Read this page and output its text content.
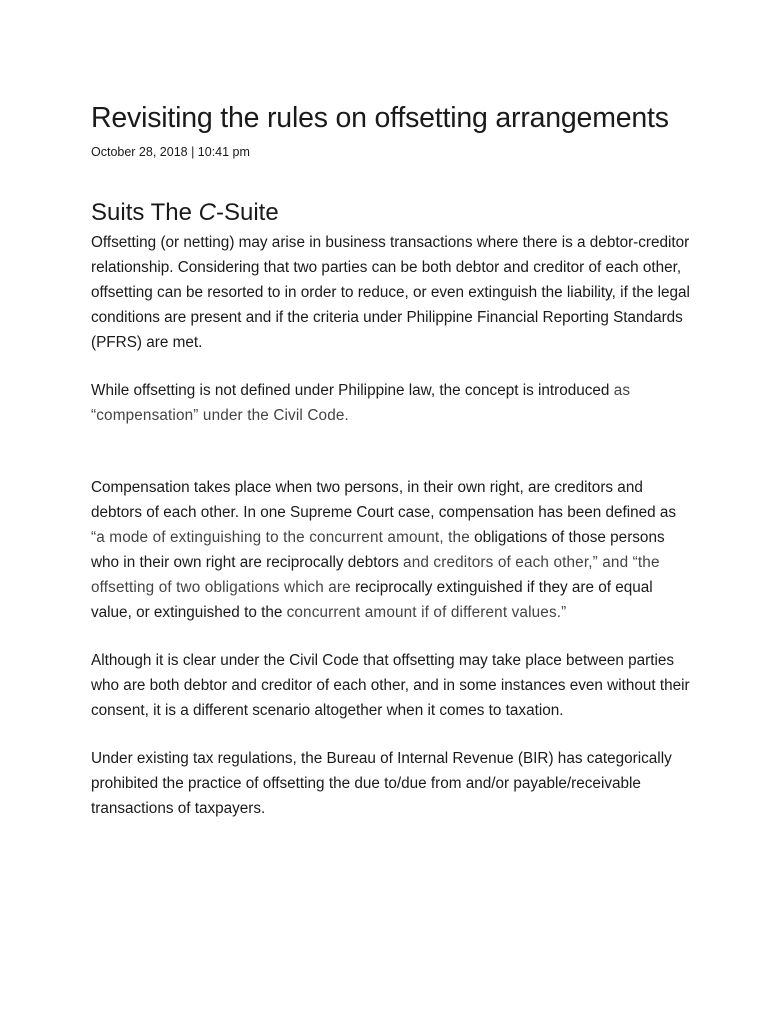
Revisiting the rules on offsetting arrangements
October 28, 2018 | 10:41 pm
Suits The C-Suite

Offsetting (or netting) may arise in business transactions where there is a debtor-creditor relationship. Considering that two parties can be both debtor and creditor of each other, offsetting can be resorted to in order to reduce, or even extinguish the liability, if the legal conditions are present and if the criteria under Philippine Financial Reporting Standards (PFRS) are met.

While offsetting is not defined under Philippine law, the concept is introduced as “compensation” under the Civil Code.

Compensation takes place when two persons, in their own right, are creditors and debtors of each other. In one Supreme Court case, compensation has been defined as “a mode of extinguishing to the concurrent amount, the obligations of those persons who in their own right are reciprocally debtors and creditors of each other,” and “the offsetting of two obligations which are reciprocally extinguished if they are of equal value, or extinguished to the concurrent amount if of different values.”

Although it is clear under the Civil Code that offsetting may take place between parties who are both debtor and creditor of each other, and in some instances even without their consent, it is a different scenario altogether when it comes to taxation.

Under existing tax regulations, the Bureau of Internal Revenue (BIR) has categorically prohibited the practice of offsetting the due to/due from and/or payable/receivable transactions of taxpayers.
